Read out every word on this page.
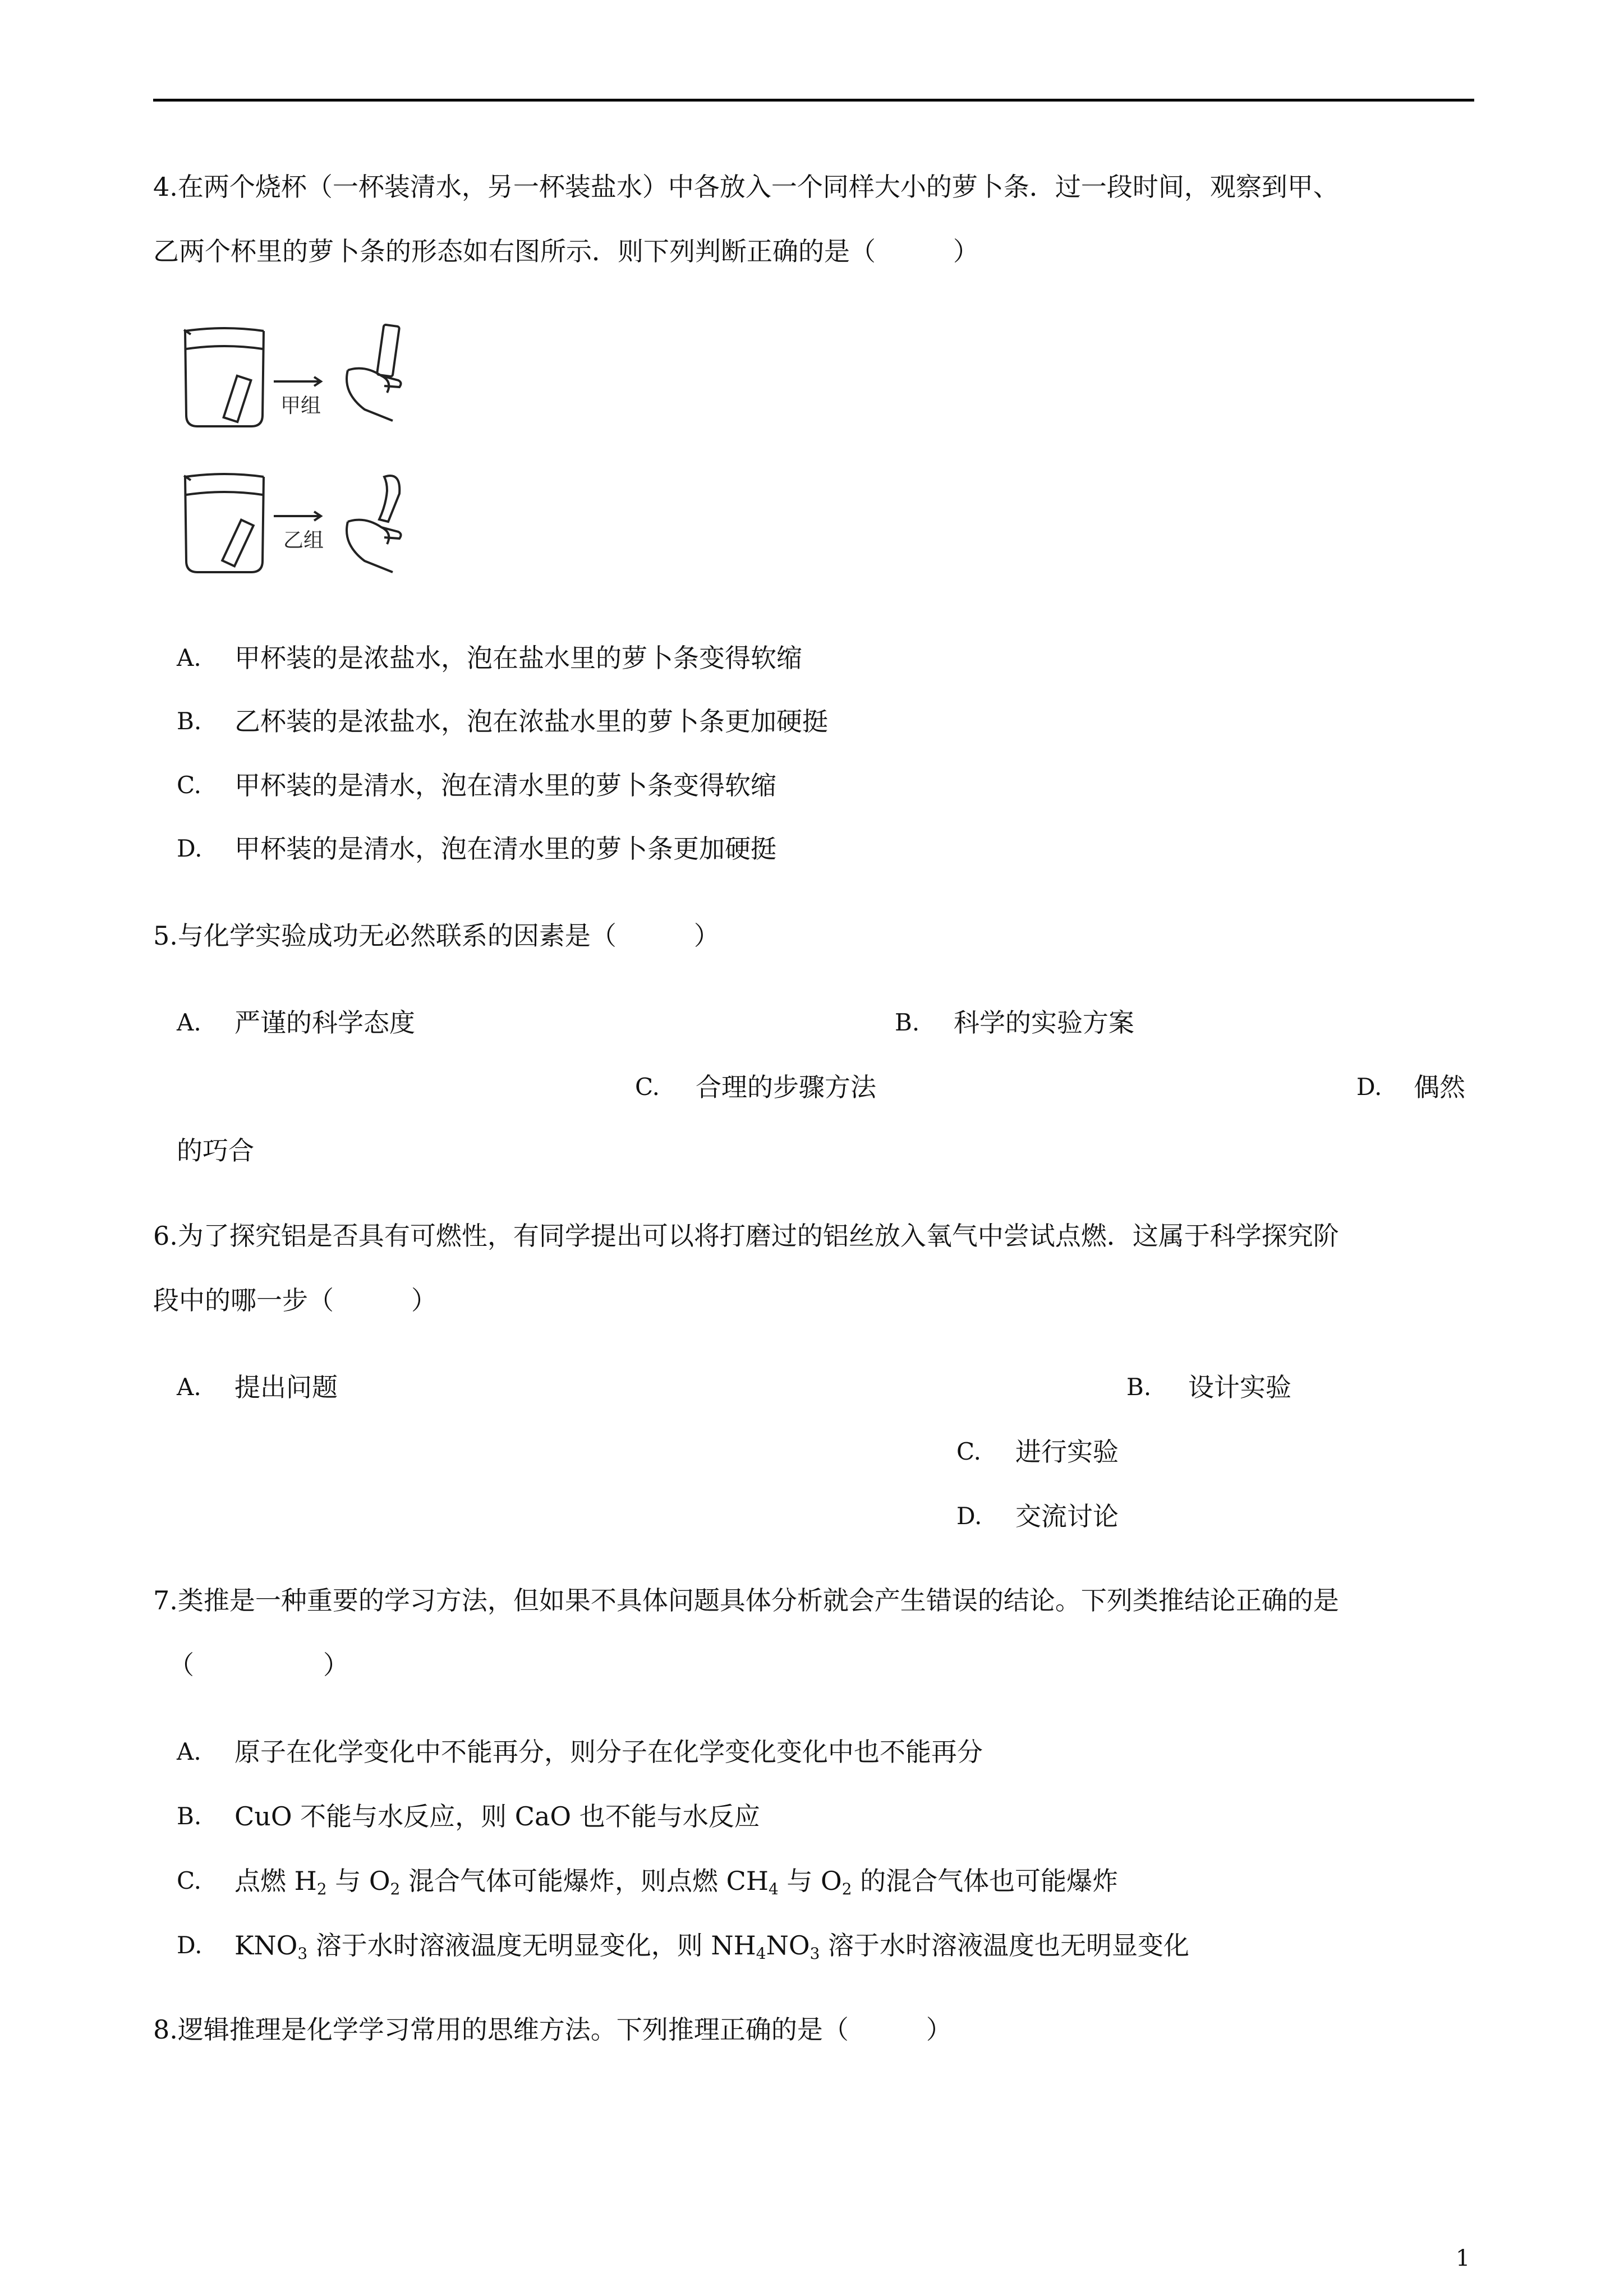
4.在两个烧杯（一杯装清水，另一杯装盐水）中各放入一个同样大小的萝卜条．过一段时间，观察到甲、
乙两个杯里的萝卜条的形态如右图所示．则下列判断正确的是（　　　）
甲组
乙组
A. 甲杯装的是浓盐水，泡在盐水里的萝卜条变得软缩
B. 乙杯装的是浓盐水，泡在浓盐水里的萝卜条更加硬挺
C. 甲杯装的是清水，泡在清水里的萝卜条变得软缩
D. 甲杯装的是清水，泡在清水里的萝卜条更加硬挺
5.与化学实验成功无必然联系的因素是（　　　）
A. 严谨的科学态度	B. 科学的实验方案
C. 合理的步骤方法	D. 偶然
的巧合
6.为了探究铝是否具有可燃性，有同学提出可以将打磨过的铝丝放入氧气中尝试点燃．这属于科学探究阶
段中的哪一步（　　　）
A. 提出问题	B. 设计实验
C. 进行实验
D. 交流讨论
7.类推是一种重要的学习方法，但如果不具体问题具体分析就会产生错误的结论。下列类推结论正确的是
（　　　　　）
A. 原子在化学变化中不能再分，则分子在化学变化变化中也不能再分
B. CuO 不能与水反应，则 CaO 也不能与水反应
C. 点燃 $H_2$ 与 $O_2$ 混合气体可能爆炸，则点燃 $CH_4$ 与 $O_2$ 的混合气体也可能爆炸
D. $KNO_3$ 溶于水时溶液温度无明显变化，则 $NH_4NO_3$ 溶于水时溶液温度也无明显变化
8.逻辑推理是化学学习常用的思维方法。下列推理正确的是（　　　）
1
